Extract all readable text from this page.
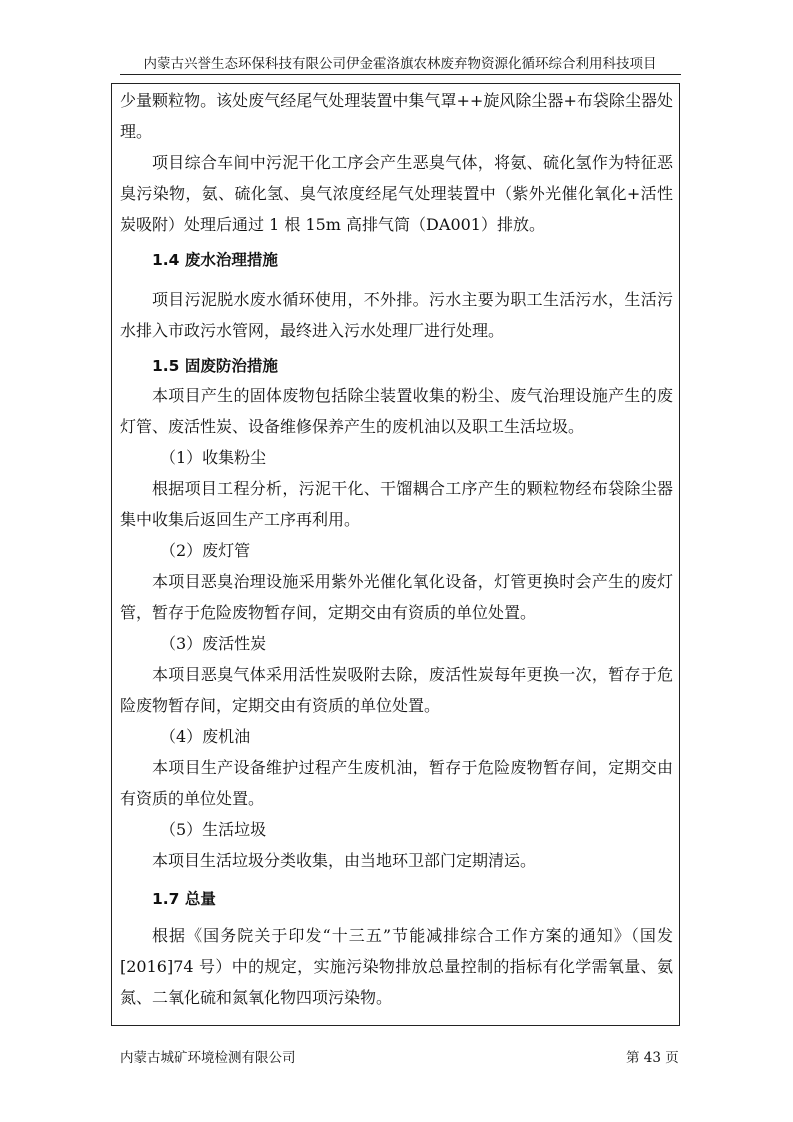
内蒙古兴誉生态环保科技有限公司伊金霍洛旗农林废弃物资源化循环综合利用科技项目

少量颗粒物。该处废气经尾气处理装置中集气罩++旋风除尘器+布袋除尘器处理。

项目综合车间中污泥干化工序会产生恶臭气体，将氨、硫化氢作为特征恶臭污染物，氨、硫化氢、臭气浓度经尾气处理装置中（紫外光催化氧化+活性炭吸附）处理后通过 1 根 15m 高排气筒（DA001）排放。

1.4 废水治理措施

项目污泥脱水废水循环使用，不外排。污水主要为职工生活污水，生活污水排入市政污水管网，最终进入污水处理厂进行处理。

1.5 固废防治措施

本项目产生的固体废物包括除尘装置收集的粉尘、废气治理设施产生的废灯管、废活性炭、设备维修保养产生的废机油以及职工生活垃圾。

（1）收集粉尘

根据项目工程分析，污泥干化、干馏耦合工序产生的颗粒物经布袋除尘器集中收集后返回生产工序再利用。

（2）废灯管

本项目恶臭治理设施采用紫外光催化氧化设备，灯管更换时会产生的废灯管，暂存于危险废物暂存间，定期交由有资质的单位处置。

（3）废活性炭

本项目恶臭气体采用活性炭吸附去除，废活性炭每年更换一次，暂存于危险废物暂存间，定期交由有资质的单位处置。

（4）废机油

本项目生产设备维护过程产生废机油，暂存于危险废物暂存间，定期交由有资质的单位处置。

（5）生活垃圾

本项目生活垃圾分类收集，由当地环卫部门定期清运。

1.7 总量

根据《国务院关于印发“十三五”节能减排综合工作方案的通知》（国发[2016]74 号）中的规定，实施污染物排放总量控制的指标有化学需氧量、氨氮、二氧化硫和氮氧化物四项污染物。

内蒙古城矿环境检测有限公司	第 43 页
